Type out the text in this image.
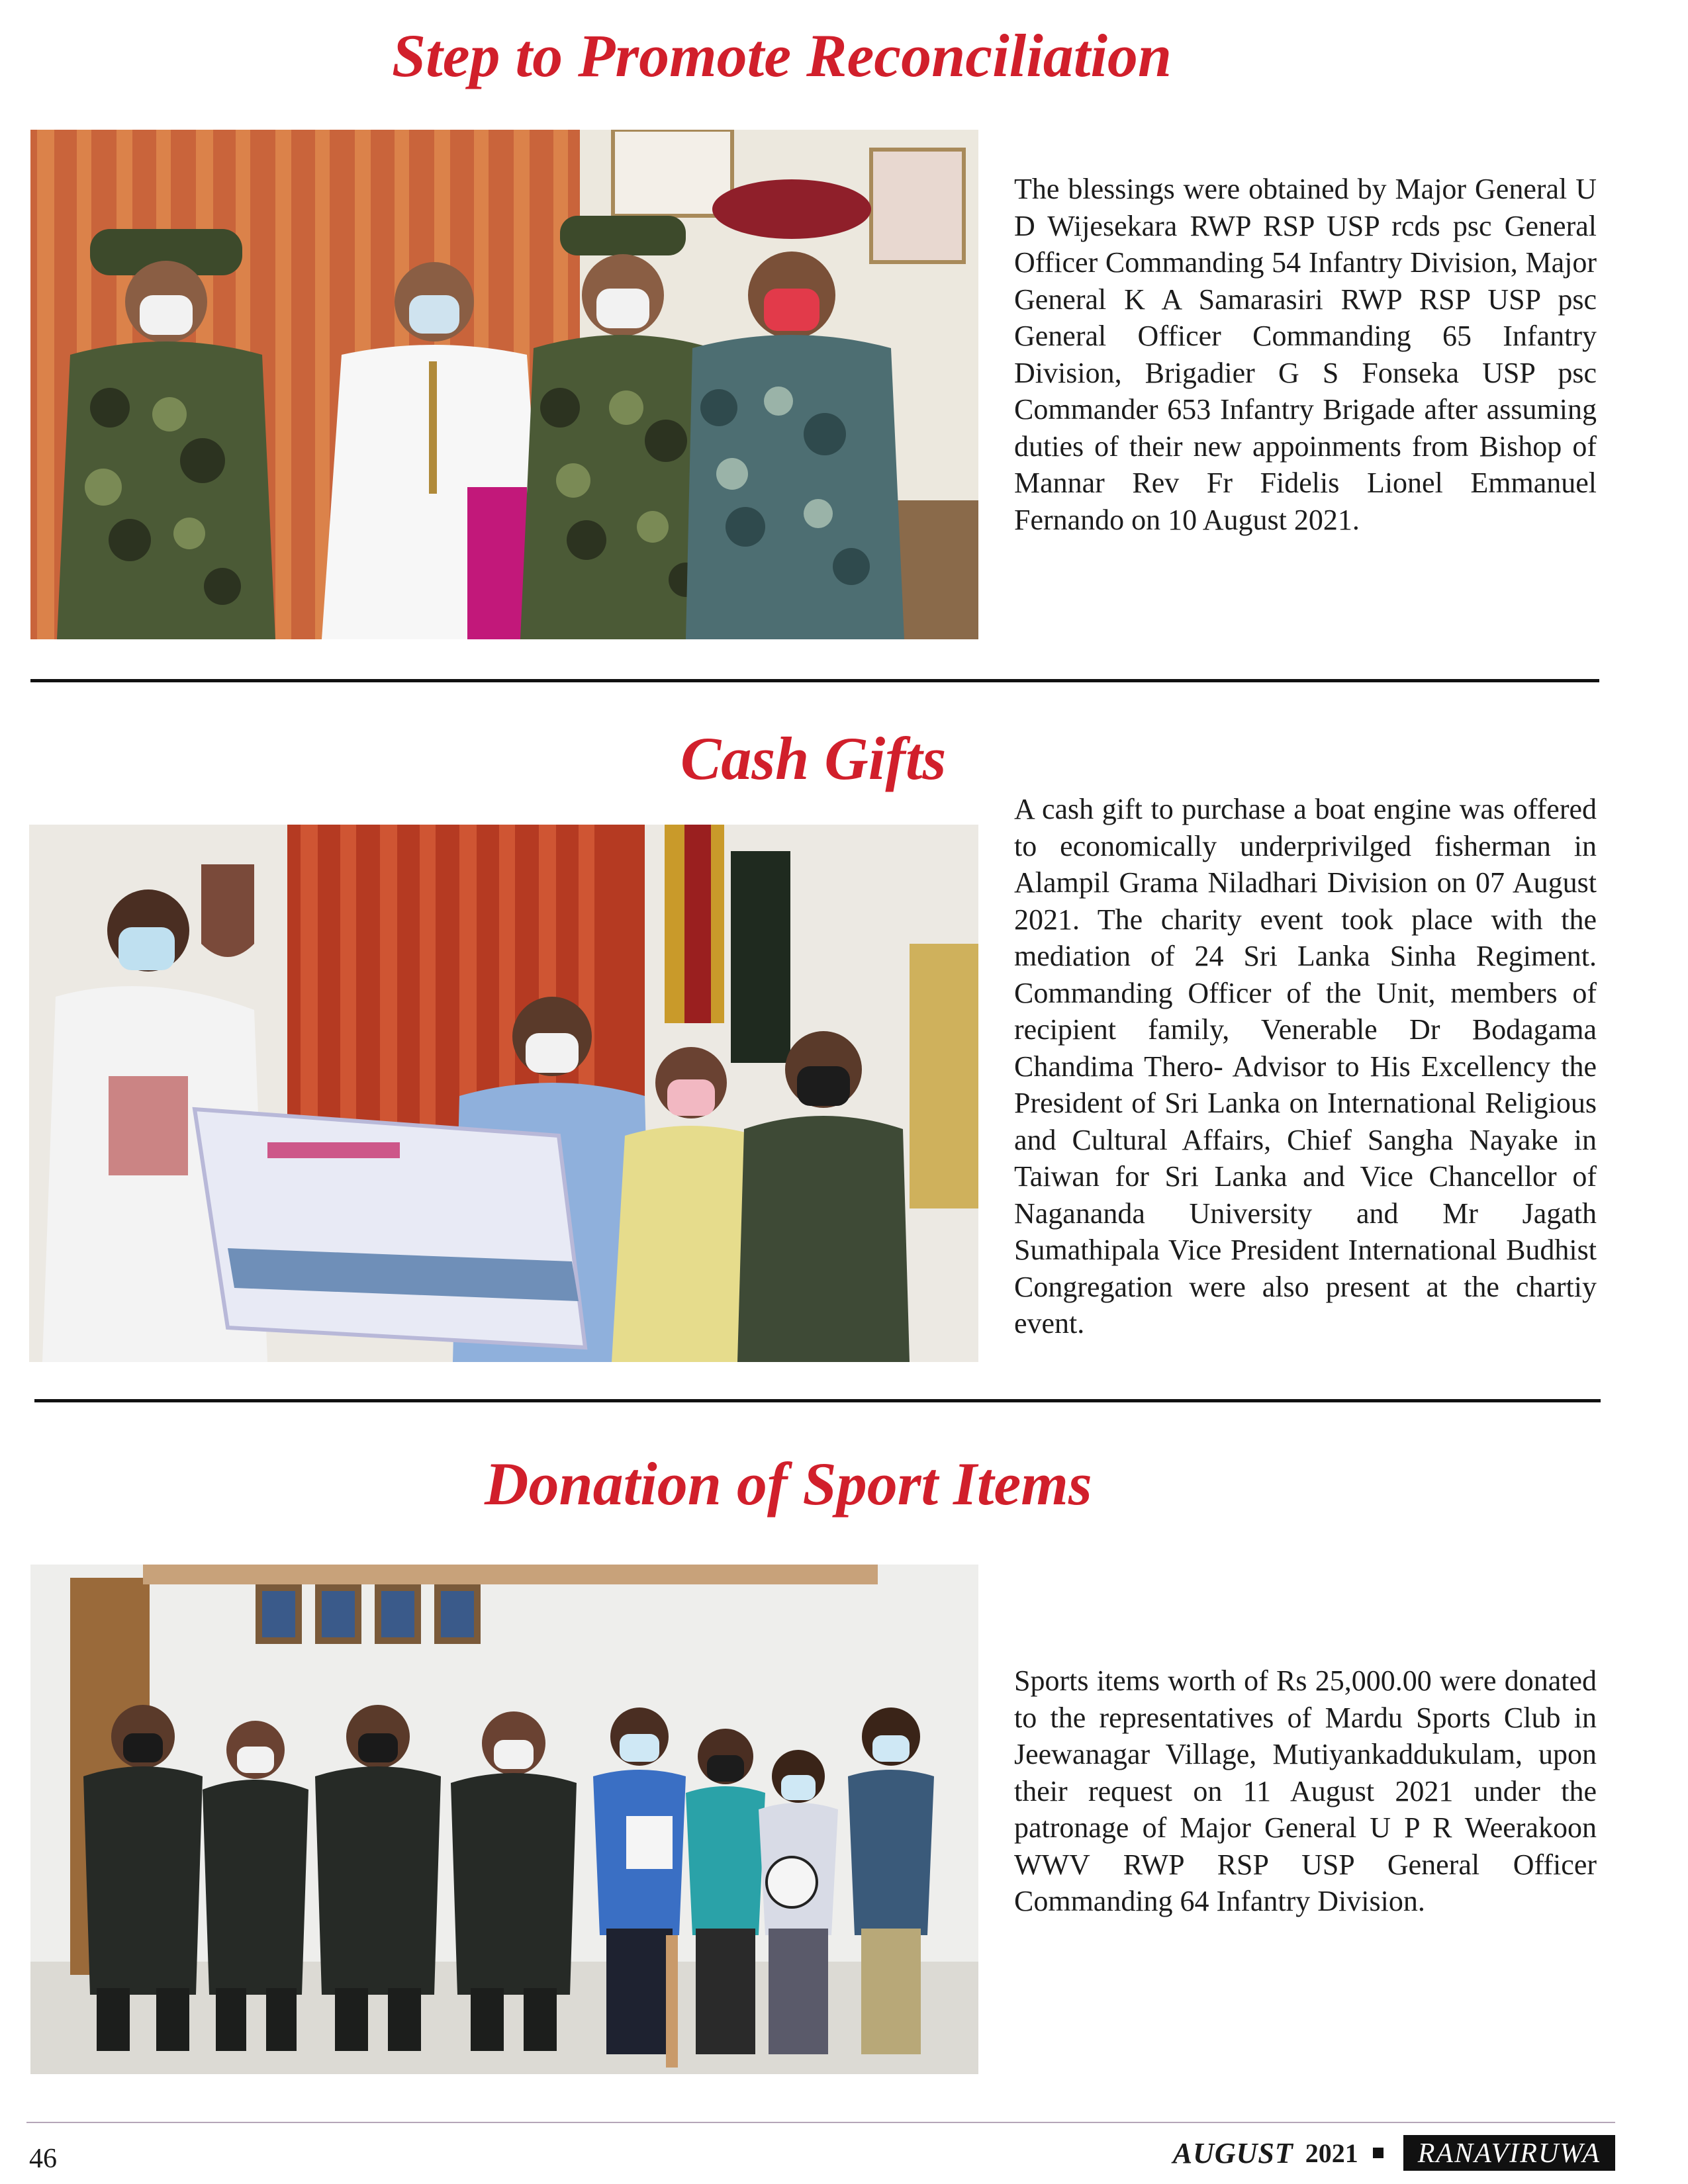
Step to Promote Reconciliation

The blessings were obtained by Major General U D Wijesekara RWP RSP USP rcds psc General Officer Commanding 54 Infantry Division, Major General K A Samarasiri RWP RSP USP psc General Officer Commanding 65 Infantry Division, Brigadier G S Fonseka USP psc Commander 653 Infantry Brigade after assuming duties of their new appoinments from Bishop of Mannar Rev Fr Fidelis Lionel Emmanuel Fernando on 10 August 2021.

Cash Gifts

A cash gift to purchase a boat engine was offered to economically underprivilged fisherman in Alampil Grama Niladhari Division on 07 August 2021. The charity event took place with the mediation of 24 Sri Lanka Sinha Regiment. Commanding Officer of the Unit, members of recipient family, Venerable Dr Bodagama Chandima Thero- Advisor to His Excellency the President of Sri Lanka on International Religious and Cultural Affairs, Chief Sangha Nayake in Taiwan for Sri Lanka and Vice Chancellor of Nagananda University and Mr Jagath Sumathipala Vice President International Budhist Congregation were also present at the chartiy event.

Donation of Sport Items

Sports items worth of Rs 25,000.00 were donated to the representatives of Mardu Sports Club in Jeewanagar Village, Mutiyankaddukulam, upon their request on 11 August 2021 under the patronage of Major General U P R Weerakoon WWV RWP RSP USP General Officer Commanding 64 Infantry Division.

46	AUGUST 2021	RANAVIRUWA
